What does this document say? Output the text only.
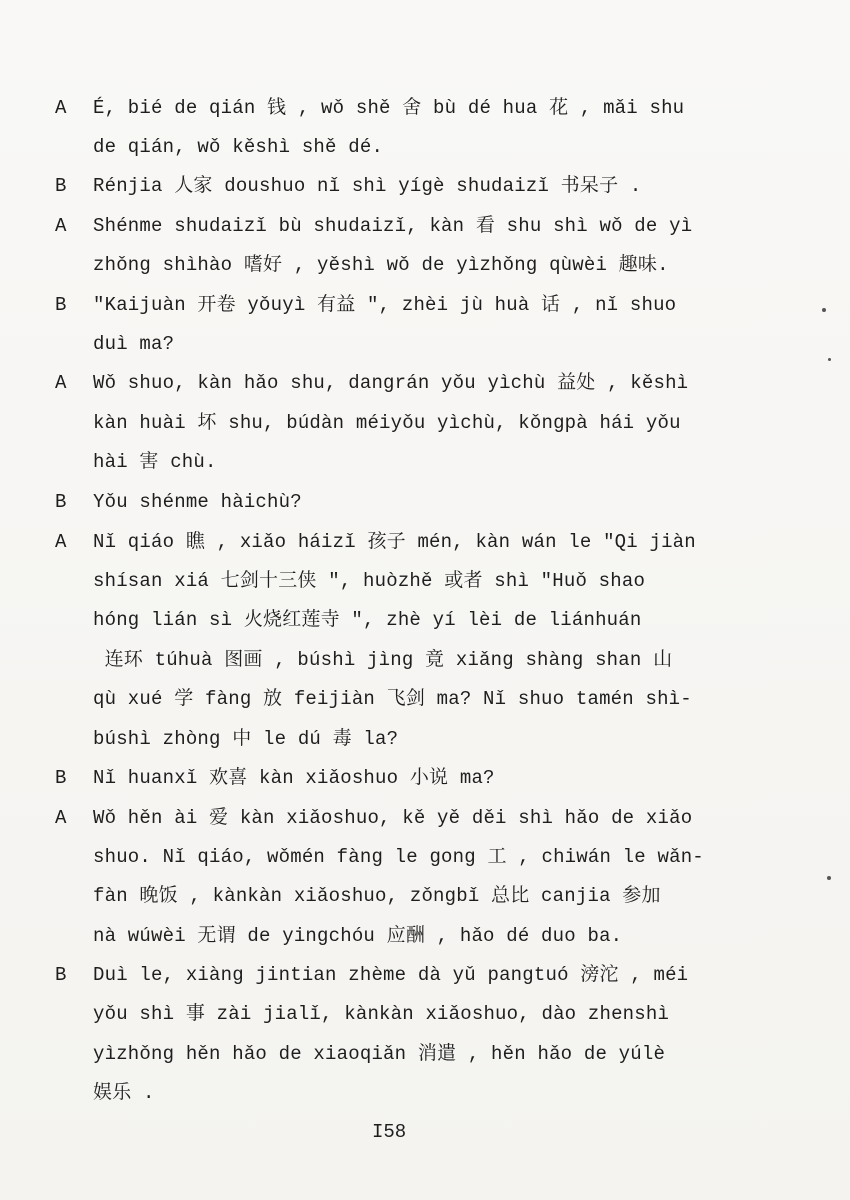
A
B
A
B
A
B
A
B
A
B
É, bié de qián 钱 , wǒ shě 舍 bù dé hua 花 , mǎi shu
de qián, wǒ kěshì shě dé.
Rénjia 人家 doushuo nǐ shì yígè shudaizǐ 书呆子 .
Shénme shudaizǐ bù shudaizǐ, kàn 看 shu shì wǒ de yì
zhǒng shìhào 嗜好 , yěshì wǒ de yìzhǒng qùwèi 趣味.
"Kaijuàn 开卷 yǒuyì 有益 ", zhèi jù huà 话 , nǐ shuo
duì ma?
Wǒ shuo, kàn hǎo shu, dangrán yǒu yìchù 益处 , kěshì
kàn huài 坏 shu, búdàn méiyǒu yìchù, kǒngpà hái yǒu
hài 害 chù.
Yǒu shénme hàichù?
Nǐ qiáo 瞧 , xiǎo háizǐ 孩子 mén, kàn wán le "Qi jiàn
shísan xiá 七剑十三侠 ", huòzhě 或者 shì "Huǒ shao
hóng lián sì 火烧红莲寺 ", zhè yí lèi de liánhuán
连环 túhuà 图画 , búshì jìng 竟 xiǎng shàng shan 山
qù xué 学 fàng 放 feijiàn 飞剑 ma? Nǐ shuo tamén shì-
búshì zhòng 中 le dú 毒 la?
Nǐ huanxǐ 欢喜 kàn xiǎoshuo 小说 ma?
Wǒ hěn ài 爱 kàn xiǎoshuo, kě yě děi shì hǎo de xiǎo
shuo. Nǐ qiáo, wǒmén fàng le gong 工 , chiwán le wǎn-
fàn 晚饭 , kànkàn xiǎoshuo, zǒngbǐ 总比 canjia 参加
nà wúwèi 无谓 de yingchóu 应酬 , hǎo dé duo ba.
Duì le, xiàng jintian zhème dà yǔ pangtuó 滂沱 , méi
yǒu shì 事 zài jialǐ, kànkàn xiǎoshuo, dào zhenshì
yìzhǒng hěn hǎo de xiaoqiǎn 消遣 , hěn hǎo de yúlè
娱乐 .
I58
